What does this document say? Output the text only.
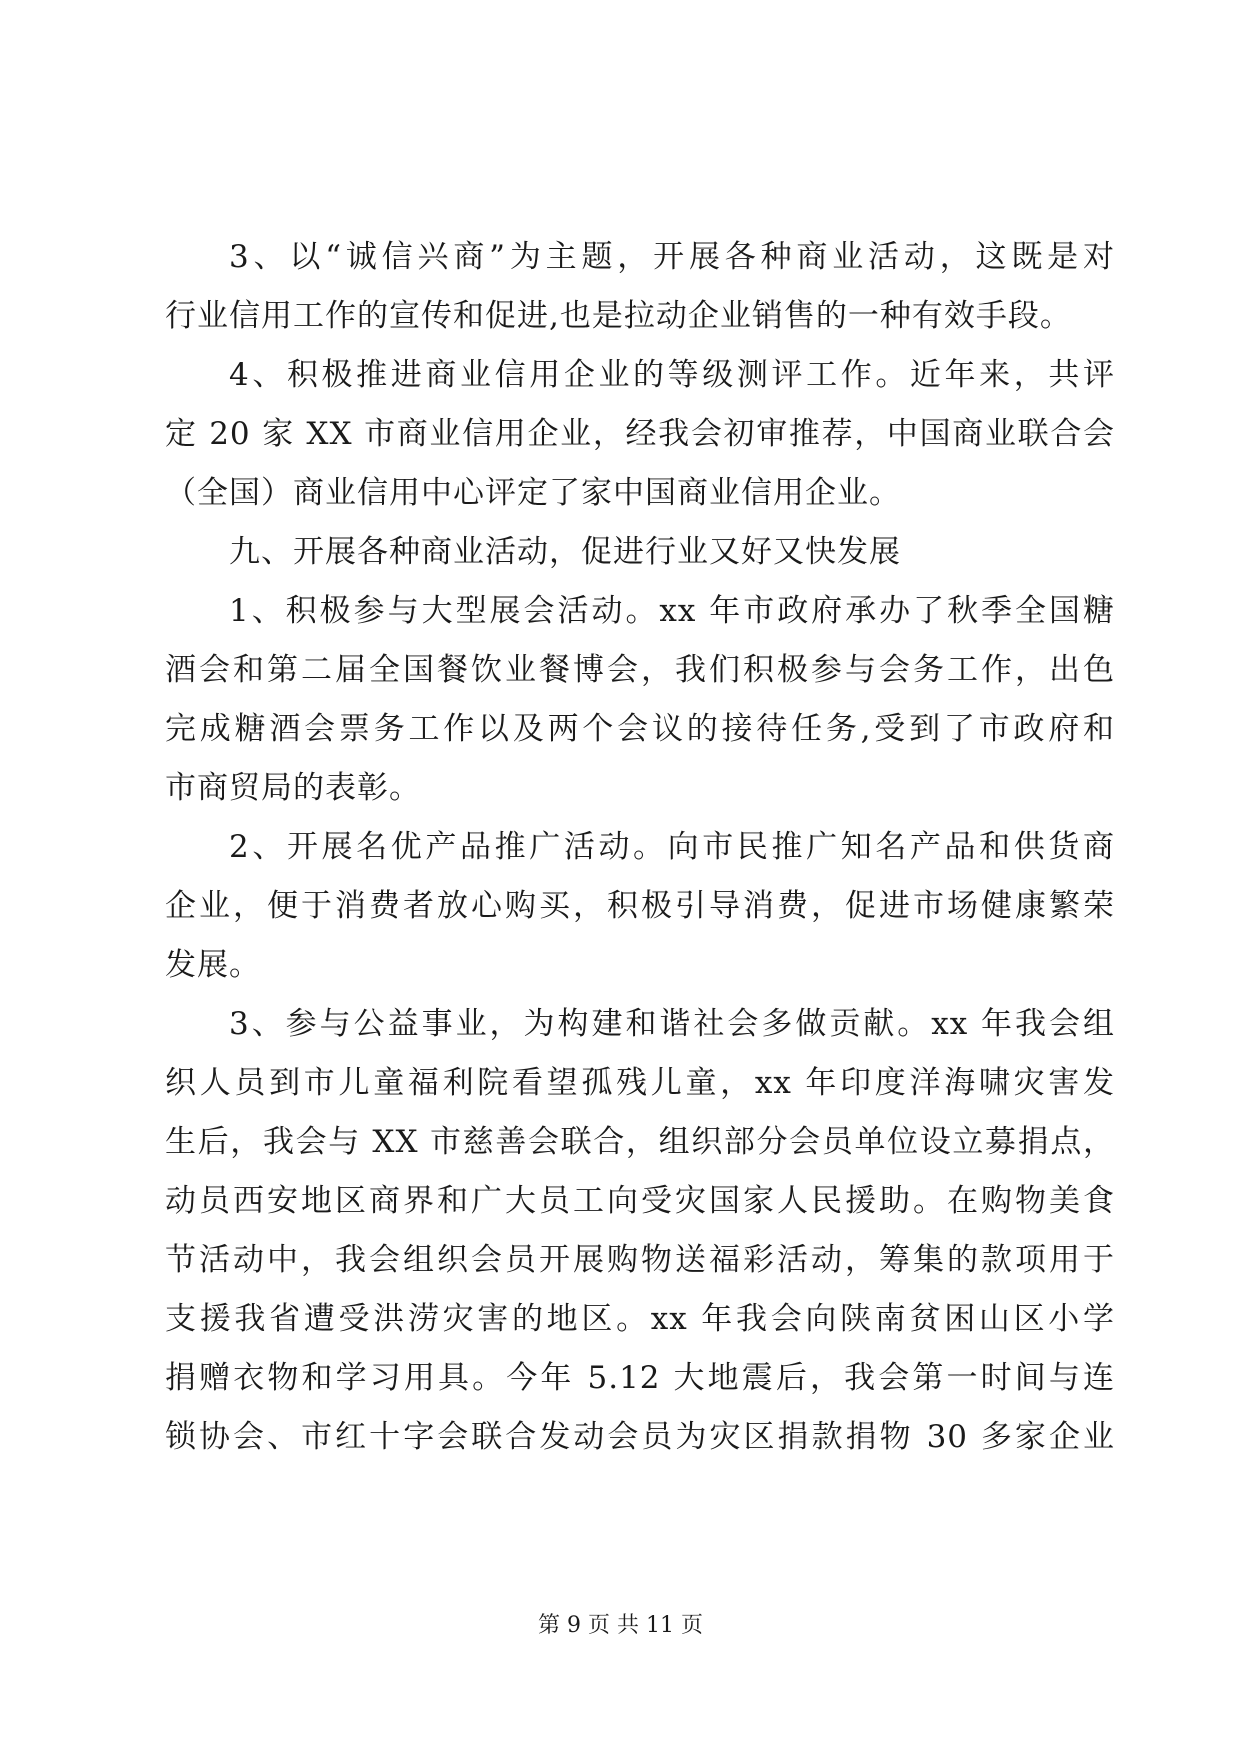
3、以“诚信兴商”为主题，开展各种商业活动，这既是对
行业信用工作的宣传和促进,也是拉动企业销售的一种有效手段。
4、积极推进商业信用企业的等级测评工作。近年来，共评
定 20 家 XX 市商业信用企业，经我会初审推荐，中国商业联合会
（全国）商业信用中心评定了家中国商业信用企业。
九、开展各种商业活动，促进行业又好又快发展
1、积极参与大型展会活动。xx 年市政府承办了秋季全国糖
酒会和第二届全国餐饮业餐博会，我们积极参与会务工作，出色
完成糖酒会票务工作以及两个会议的接待任务,受到了市政府和
市商贸局的表彰。
2、开展名优产品推广活动。向市民推广知名产品和供货商
企业，便于消费者放心购买，积极引导消费，促进市场健康繁荣
发展。
3、参与公益事业，为构建和谐社会多做贡献。xx 年我会组
织人员到市儿童福利院看望孤残儿童，xx 年印度洋海啸灾害发
生后，我会与 XX 市慈善会联合，组织部分会员单位设立募捐点，
动员西安地区商界和广大员工向受灾国家人民援助。在购物美食
节活动中，我会组织会员开展购物送福彩活动，筹集的款项用于
支援我省遭受洪涝灾害的地区。xx 年我会向陕南贫困山区小学
捐赠衣物和学习用具。今年 5.12 大地震后，我会第一时间与连
锁协会、市红十字会联合发动会员为灾区捐款捐物 30 多家企业
第 9 页 共 11 页
